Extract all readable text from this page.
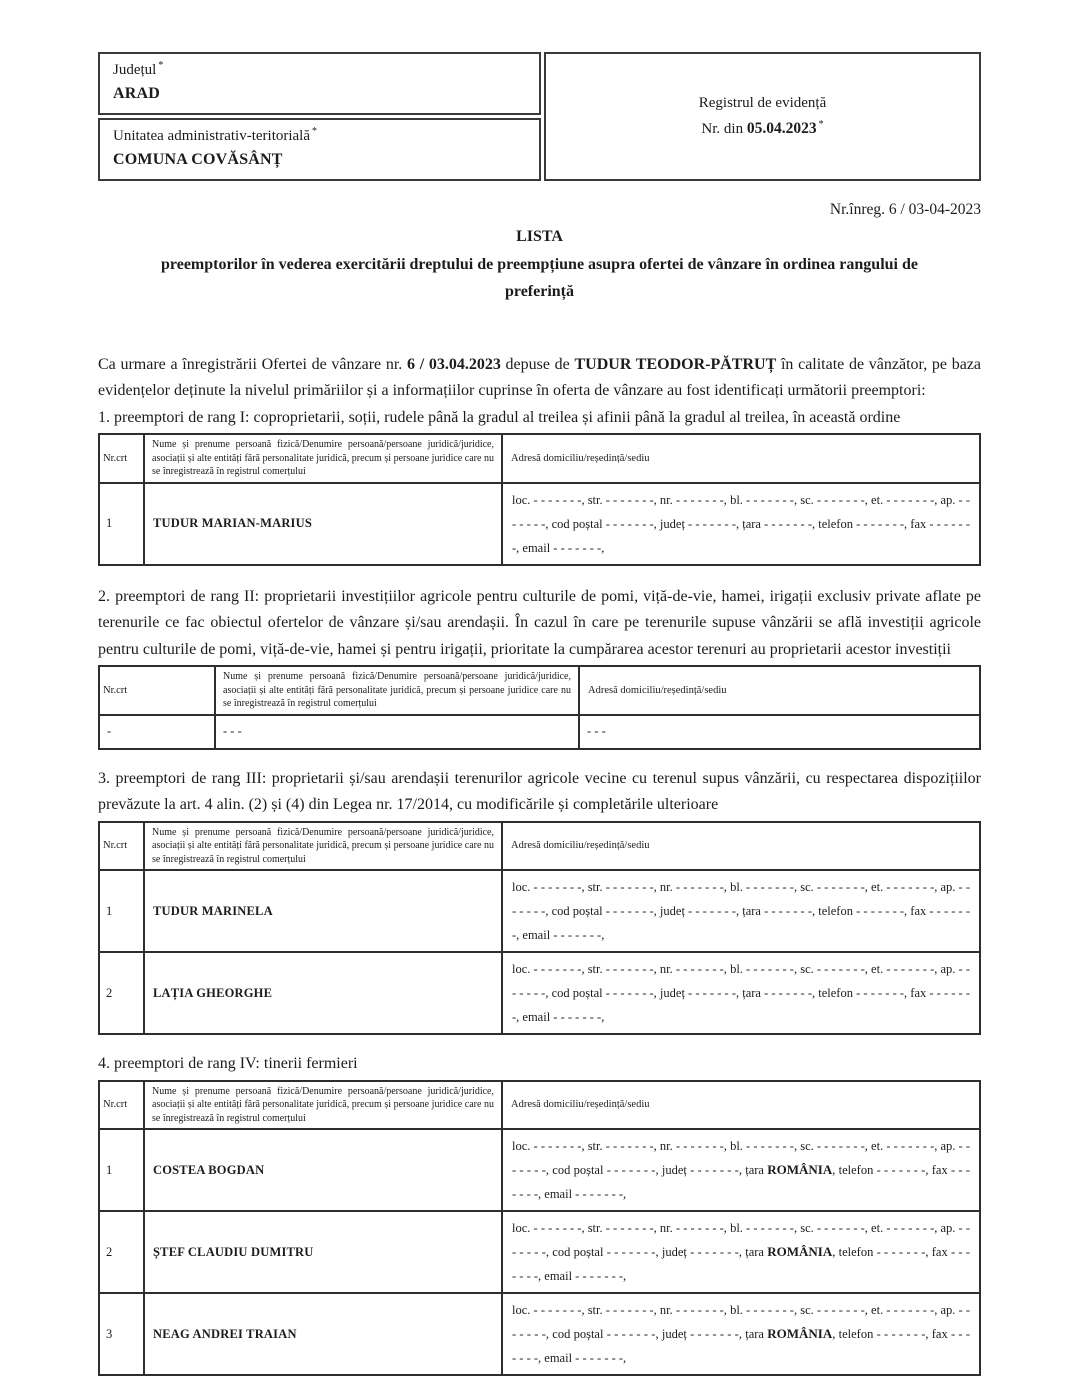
Județul *
ARAD
Unitatea administrativ-teritorială *
COMUNA COVĂSÂNȚ
Registrul de evidență
Nr. din 05.04.2023 *
Nr.înreg. 6 / 03-04-2023
LISTA
preemptorilor în vederea exercitării dreptului de preempțiune asupra ofertei de vânzare în ordinea rangului de
preferință
Ca urmare a înregistrării Ofertei de vânzare nr. 6 / 03.04.2023 depuse de TUDUR TEODOR-PĂTRUȚ în calitate de vânzător, pe baza evidențelor deținute la nivelul primăriilor și a informațiilor cuprinse în oferta de vânzare au fost identificați următorii preemptori:
1. preemptori de rang I: coproprietarii, soții, rudele până la gradul al treilea și afinii până la gradul al treilea, în această ordine
Nr.crt	Nume și prenume persoană fizică/Denumire persoană/persoane juridică/juridice, asociații și alte entități fără personalitate juridică, precum și persoane juridice care nu se înregistrează în registrul comerțului	Adresă domiciliu/reședință/sediu
1	TUDUR MARIAN-MARIUS	loc. - - - - - - -, str. - - - - - - -, nr. - - - - - - -, bl. - - - - - - -, sc. - - - - - - -, et. - - - - - - -, ap. - - - - - - -, cod poștal - - - - - - -, județ - - - - - - -, țara - - - - - - -, telefon - - - - - - -, fax - - - - - - -, email - - - - - - -,
2. preemptori de rang II: proprietarii investițiilor agricole pentru culturile de pomi, viță-de-vie, hamei, irigații exclusiv private aflate pe terenurile ce fac obiectul ofertelor de vânzare și/sau arendașii. În cazul în care pe terenurile supuse vânzării se află investiții agricole pentru culturile de pomi, viță-de-vie, hamei și pentru irigații, prioritate la cumpărarea acestor terenuri au proprietarii acestor investiții
Nr.crt	Nume și prenume persoană fizică/Denumire persoană/persoane juridică/juridice, asociații și alte entități fără personalitate juridică, precum și persoane juridice care nu se înregistrează în registrul comerțului	Adresă domiciliu/reședință/sediu
-	- - -	- - -
3. preemptori de rang III: proprietarii și/sau arendașii terenurilor agricole vecine cu terenul supus vânzării, cu respectarea dispozițiilor prevăzute la art. 4 alin. (2) și (4) din Legea nr. 17/2014, cu modificările și completările ulterioare
Nr.crt	Nume și prenume persoană fizică/Denumire persoană/persoane juridică/juridice, asociații și alte entități fără personalitate juridică, precum și persoane juridice care nu se înregistrează în registrul comerțului	Adresă domiciliu/reședință/sediu
1	TUDUR MARINELA	loc. - - - - - - -, str. - - - - - - -, nr. - - - - - - -, bl. - - - - - - -, sc. - - - - - - -, et. - - - - - - -, ap. - - - - - - -, cod poștal - - - - - - -, județ - - - - - - -, țara - - - - - - -, telefon - - - - - - -, fax - - - - - - -, email - - - - - - -,
2	LAȚIA GHEORGHE	loc. - - - - - - -, str. - - - - - - -, nr. - - - - - - -, bl. - - - - - - -, sc. - - - - - - -, et. - - - - - - -, ap. - - - - - - -, cod poștal - - - - - - -, județ - - - - - - -, țara - - - - - - -, telefon - - - - - - -, fax - - - - - - -, email - - - - - - -,
4. preemptori de rang IV: tinerii fermieri
Nr.crt	Nume și prenume persoană fizică/Denumire persoană/persoane juridică/juridice, asociații și alte entități fără personalitate juridică, precum și persoane juridice care nu se înregistrează în registrul comerțului	Adresă domiciliu/reședință/sediu
1	COSTEA BOGDAN	loc. - - - - - - -, str. - - - - - - -, nr. - - - - - - -, bl. - - - - - - -, sc. - - - - - - -, et. - - - - - - -, ap. - - - - - - -, cod poștal - - - - - - -, județ - - - - - - -, țara ROMÂNIA, telefon - - - - - - -, fax - - - - - - -, email - - - - - - -,
2	ȘTEF CLAUDIU DUMITRU	loc. - - - - - - -, str. - - - - - - -, nr. - - - - - - -, bl. - - - - - - -, sc. - - - - - - -, et. - - - - - - -, ap. - - - - - - -, cod poștal - - - - - - -, județ - - - - - - -, țara ROMÂNIA, telefon - - - - - - -, fax - - - - - - -, email - - - - - - -,
3	NEAG ANDREI TRAIAN	loc. - - - - - - -, str. - - - - - - -, nr. - - - - - - -, bl. - - - - - - -, sc. - - - - - - -, et. - - - - - - -, ap. - - - - - - -, cod poștal - - - - - - -, județ - - - - - - -, țara ROMÂNIA, telefon - - - - - - -, fax - - - - - - -, email - - - - - - -,
